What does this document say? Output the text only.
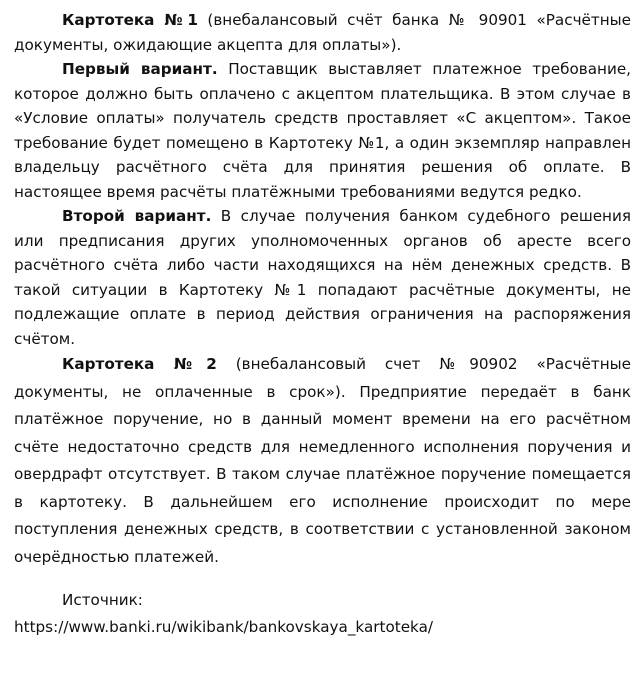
Картотека №1 (внебалансовый счёт банка № 90901 «Расчётные документы, ожидающие акцепта для оплаты»).

Первый вариант. Поставщик выставляет платежное требование, которое должно быть оплачено с акцептом плательщика. В этом случае в «Условие оплаты» получатель средств проставляет «С акцептом». Такое требование будет помещено в Картотеку №1, а один экземпляр направлен владельцу расчётного счёта для принятия решения об оплате. В настоящее время расчёты платёжными требованиями ведутся редко.

Второй вариант. В случае получения банком судебного решения или предписания других уполномоченных органов об аресте всего расчётного счёта либо части находящихся на нём денежных средств. В такой ситуации в Картотеку №1 попадают расчётные документы, не подлежащие оплате в период действия ограничения на распоряжения счётом.

Картотека №2 (внебалансовый счет №90902 «Расчётные документы, не оплаченные в срок»). Предприятие передаёт в банк платёжное поручение, но в данный момент времени на его расчётном счёте недостаточно средств для немедленного исполнения поручения и овердрафт отсутствует. В таком случае платёжное поручение помещается в картотеку. В дальнейшем его исполнение происходит по мере поступления денежных средств, в соответствии с установленной законом очерёдностью платежей.

Источник:
https://www.banki.ru/wikibank/bankovskaya_kartoteka/
